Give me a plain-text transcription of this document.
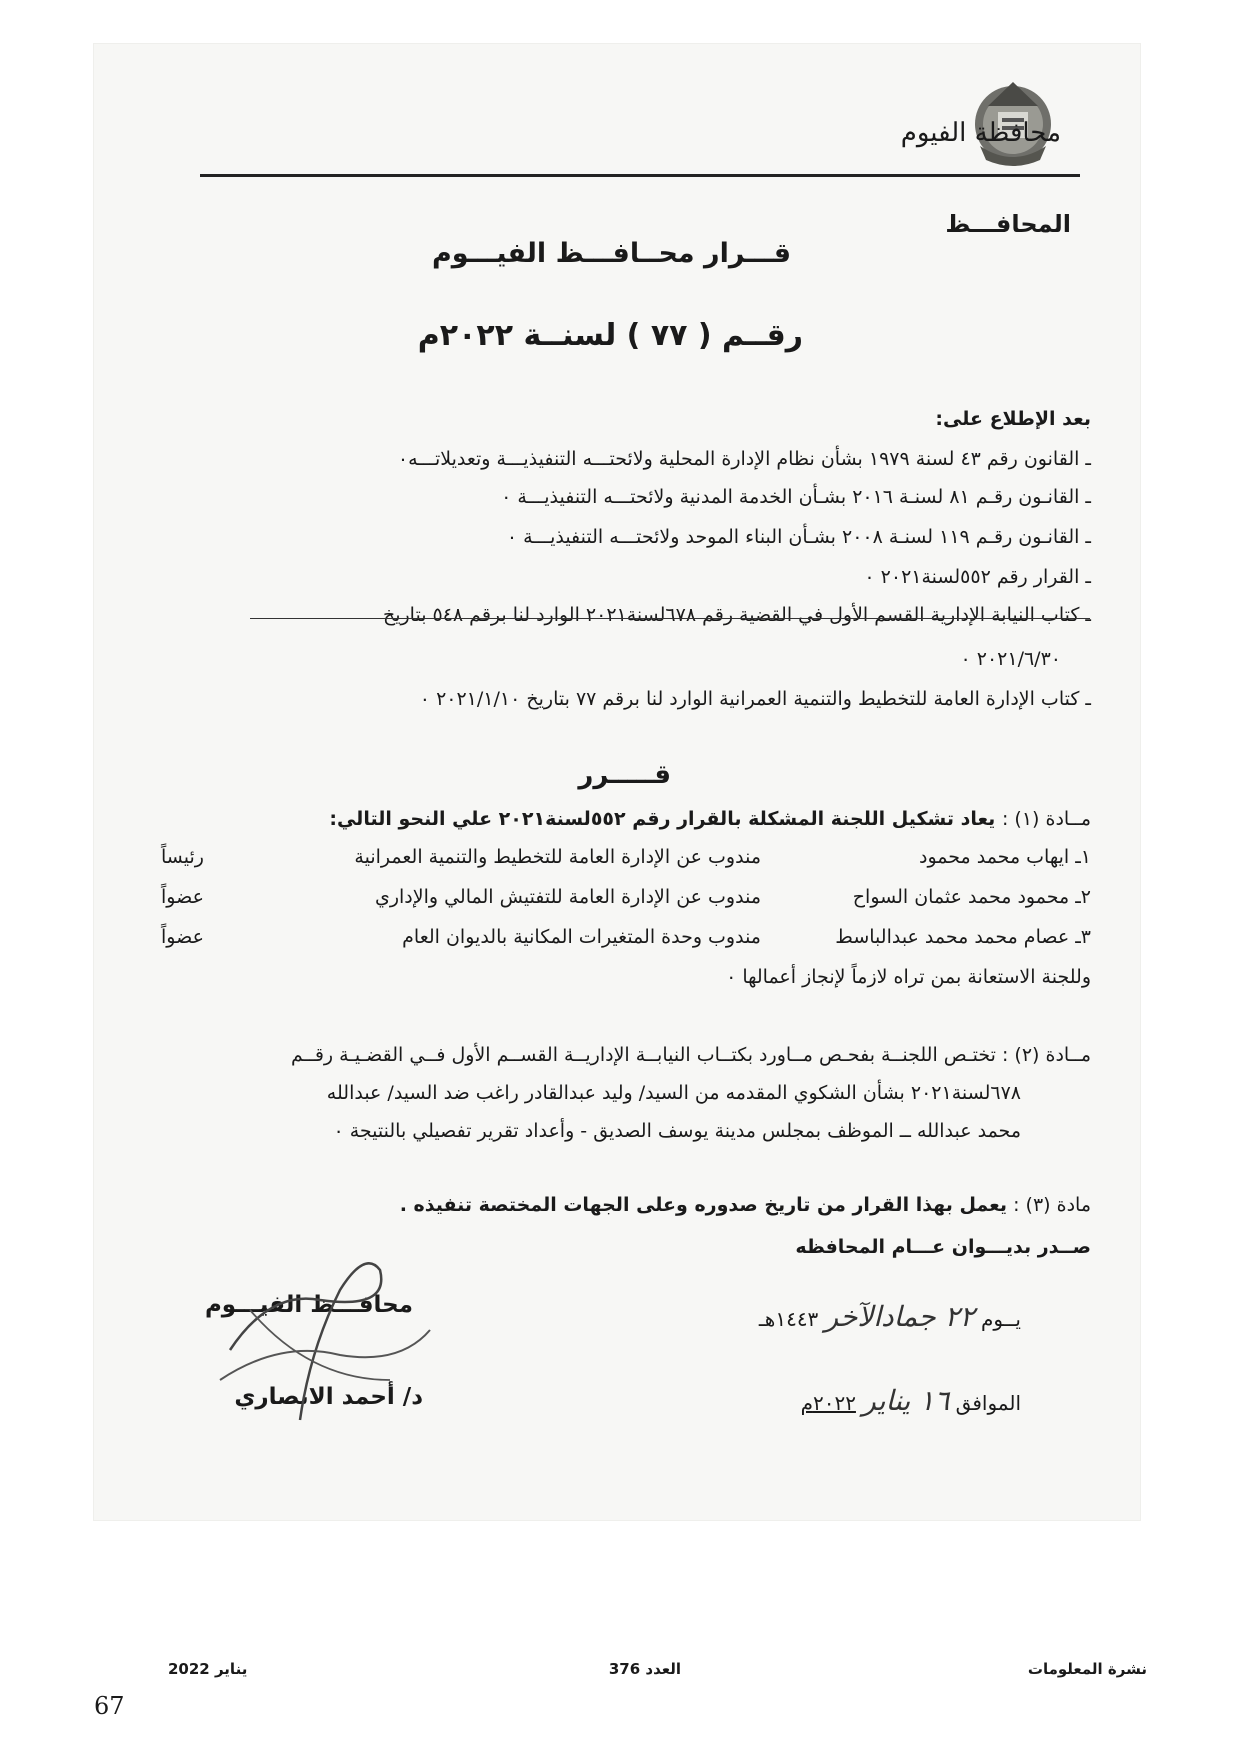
محافظة الفيوم
المحافـــظ
قـــرار محــافـــظ الفيـــوم
رقــم ( ٧٧ ) لسنــة ٢٠٢٢م
بعد الإطلاع على:
ـ القانون رقم ٤٣ لسنة ١٩٧٩ بشأن نظام الإدارة المحلية ولائحتـــه التنفيذيـــة وتعديلاتـــه٠
ـ القانـون رقـم ٨١ لسنـة ٢٠١٦ بشـأن الخدمة المدنية ولائحتـــه التنفيذيـــة ٠
ـ القانـون رقـم ١١٩ لسنـة ٢٠٠٨ بشـأن البناء الموحد ولائحتـــه التنفيذيـــة ٠
ـ القرار رقم ٥٥٢لسنة٢٠٢١ ٠
ـ كتاب النيابة الإدارية القسم الأول في القضية رقم ٦٧٨لسنة٢٠٢١ الوارد لنا برقم ٥٤٨ بتاريخ
٢٠٢١/٦/٣٠ ٠
ـ كتاب الإدارة العامة للتخطيط والتنمية العمرانية الوارد لنا برقم ٧٧ بتاريخ ٢٠٢١/١/١٠ ٠
قـــــرر
مــادة (١) : يعاد تشكيل اللجنة المشكلة بالقرار رقم ٥٥٢لسنة٢٠٢١ علي النحو التالي:
١ـ ايهاب محمد محمود
مندوب عن الإدارة العامة للتخطيط والتنمية العمرانية
رئيساً
٢ـ محمود محمد عثمان السواح
مندوب عن الإدارة العامة للتفتيش المالي والإداري
عضواً
٣ـ عصام محمد محمد عبدالباسط
مندوب وحدة المتغيرات المكانية بالديوان العام
عضواً
وللجنة الاستعانة بمن تراه لازماً لإنجاز أعمالها ٠
مــادة (٢) : تختـص اللجنــة بفحـص مــاورد بكتــاب النيابــة الإداريــة القســم الأول فــي القضـيـة رقــم
٦٧٨لسنة٢٠٢١ بشأن الشكوي المقدمه من السيد/ وليد عبدالقادر راغب ضد السيد/ عبدالله
محمد عبدالله ــ الموظف بمجلس مدينة يوسف الصديق - وأعداد تقرير تفصيلي بالنتيجة ٠
مادة (٣) : يعمل بهذا القرار من تاريخ صدوره وعلى الجهات المختصة تنفيذه .
صــدر بديـــوان عـــام المحافظه
يــوم ٢٢ جمادالآخر ١٤٤٣هـ
الموافق ١٦ يناير ٢٠٢٢م
محافـــظ الفيـــوم
د/ أحمد الانصاري
نشرة المعلومات
العدد 376
يناير 2022
67
